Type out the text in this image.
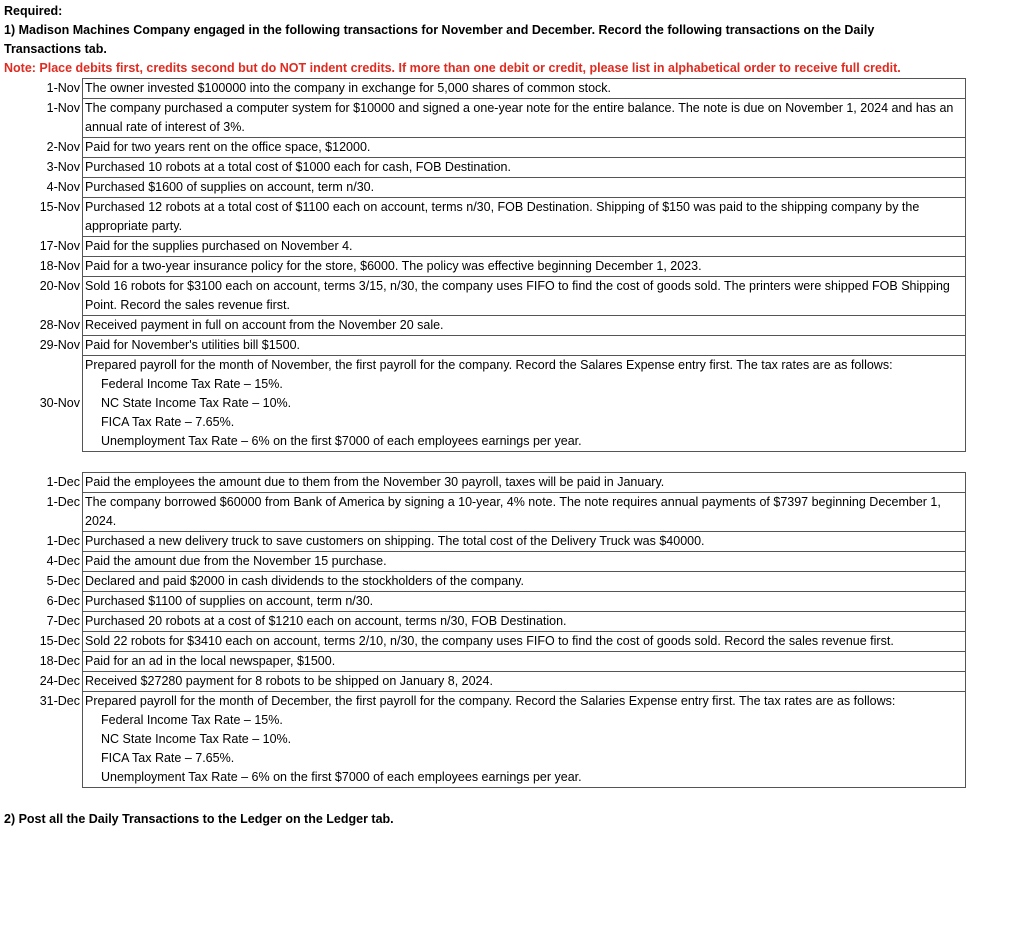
Required:

1) Madison Machines Company engaged in the following transactions for November and December. Record the following transactions on the Daily Transactions tab.

Note: Place debits first, credits second but do NOT indent credits. If more than one debit or credit, please list in alphabetical order to receive full credit.

1-Nov	The owner invested $100000 into the company in exchange for 5,000 shares of common stock.
1-Nov	The company purchased a computer system for $10000 and signed a one-year note for the entire balance. The note is due on November 1, 2024 and has an annual rate of interest of 3%.
2-Nov	Paid for two years rent on the office space, $12000.
3-Nov	Purchased 10 robots at a total cost of $1000 each for cash, FOB Destination.
4-Nov	Purchased $1600 of supplies on account, term n/30.
15-Nov	Purchased 12 robots at a total cost of $1100 each on account, terms n/30, FOB Destination. Shipping of $150 was paid to the shipping company by the appropriate party.
17-Nov	Paid for the supplies purchased on November 4.
18-Nov	Paid for a two-year insurance policy for the store, $6000. The policy was effective beginning December 1, 2023.
20-Nov	Sold 16 robots for $3100 each on account, terms 3/15, n/30, the company uses FIFO to find the cost of goods sold. The printers were shipped FOB Shipping Point. Record the sales revenue first.
28-Nov	Received payment in full on account from the November 20 sale.
29-Nov	Paid for November's utilities bill $1500.
30-Nov	Prepared payroll for the month of November, the first payroll for the company. Record the Salares Expense entry first. The tax rates are as follows:
Federal Income Tax Rate – 15%.
NC State Income Tax Rate – 10%.
FICA Tax Rate – 7.65%.
Unemployment Tax Rate – 6% on the first $7000 of each employees earnings per year.
1-Dec	Paid the employees the amount due to them from the November 30 payroll, taxes will be paid in January.
1-Dec	The company borrowed $60000 from Bank of America by signing a 10-year, 4% note. The note requires annual payments of $7397 beginning December 1, 2024.
1-Dec	Purchased a new delivery truck to save customers on shipping. The total cost of the Delivery Truck was $40000.
4-Dec	Paid the amount due from the November 15 purchase.
5-Dec	Declared and paid $2000 in cash dividends to the stockholders of the company.
6-Dec	Purchased $1100 of supplies on account, term n/30.
7-Dec	Purchased 20 robots at a cost of $1210 each on account, terms n/30, FOB Destination.
15-Dec	Sold 22 robots for $3410 each on account, terms 2/10, n/30, the company uses FIFO to find the cost of goods sold. Record the sales revenue first.
18-Dec	Paid for an ad in the local newspaper, $1500.
24-Dec	Received $27280 payment for 8 robots to be shipped on January 8, 2024.
31-Dec	Prepared payroll for the month of December, the first payroll for the company. Record the Salaries Expense entry first. The tax rates are as follows:
Federal Income Tax Rate – 15%.
NC State Income Tax Rate – 10%.
FICA Tax Rate – 7.65%.
Unemployment Tax Rate – 6% on the first $7000 of each employees earnings per year.

2) Post all the Daily Transactions to the Ledger on the Ledger tab.
